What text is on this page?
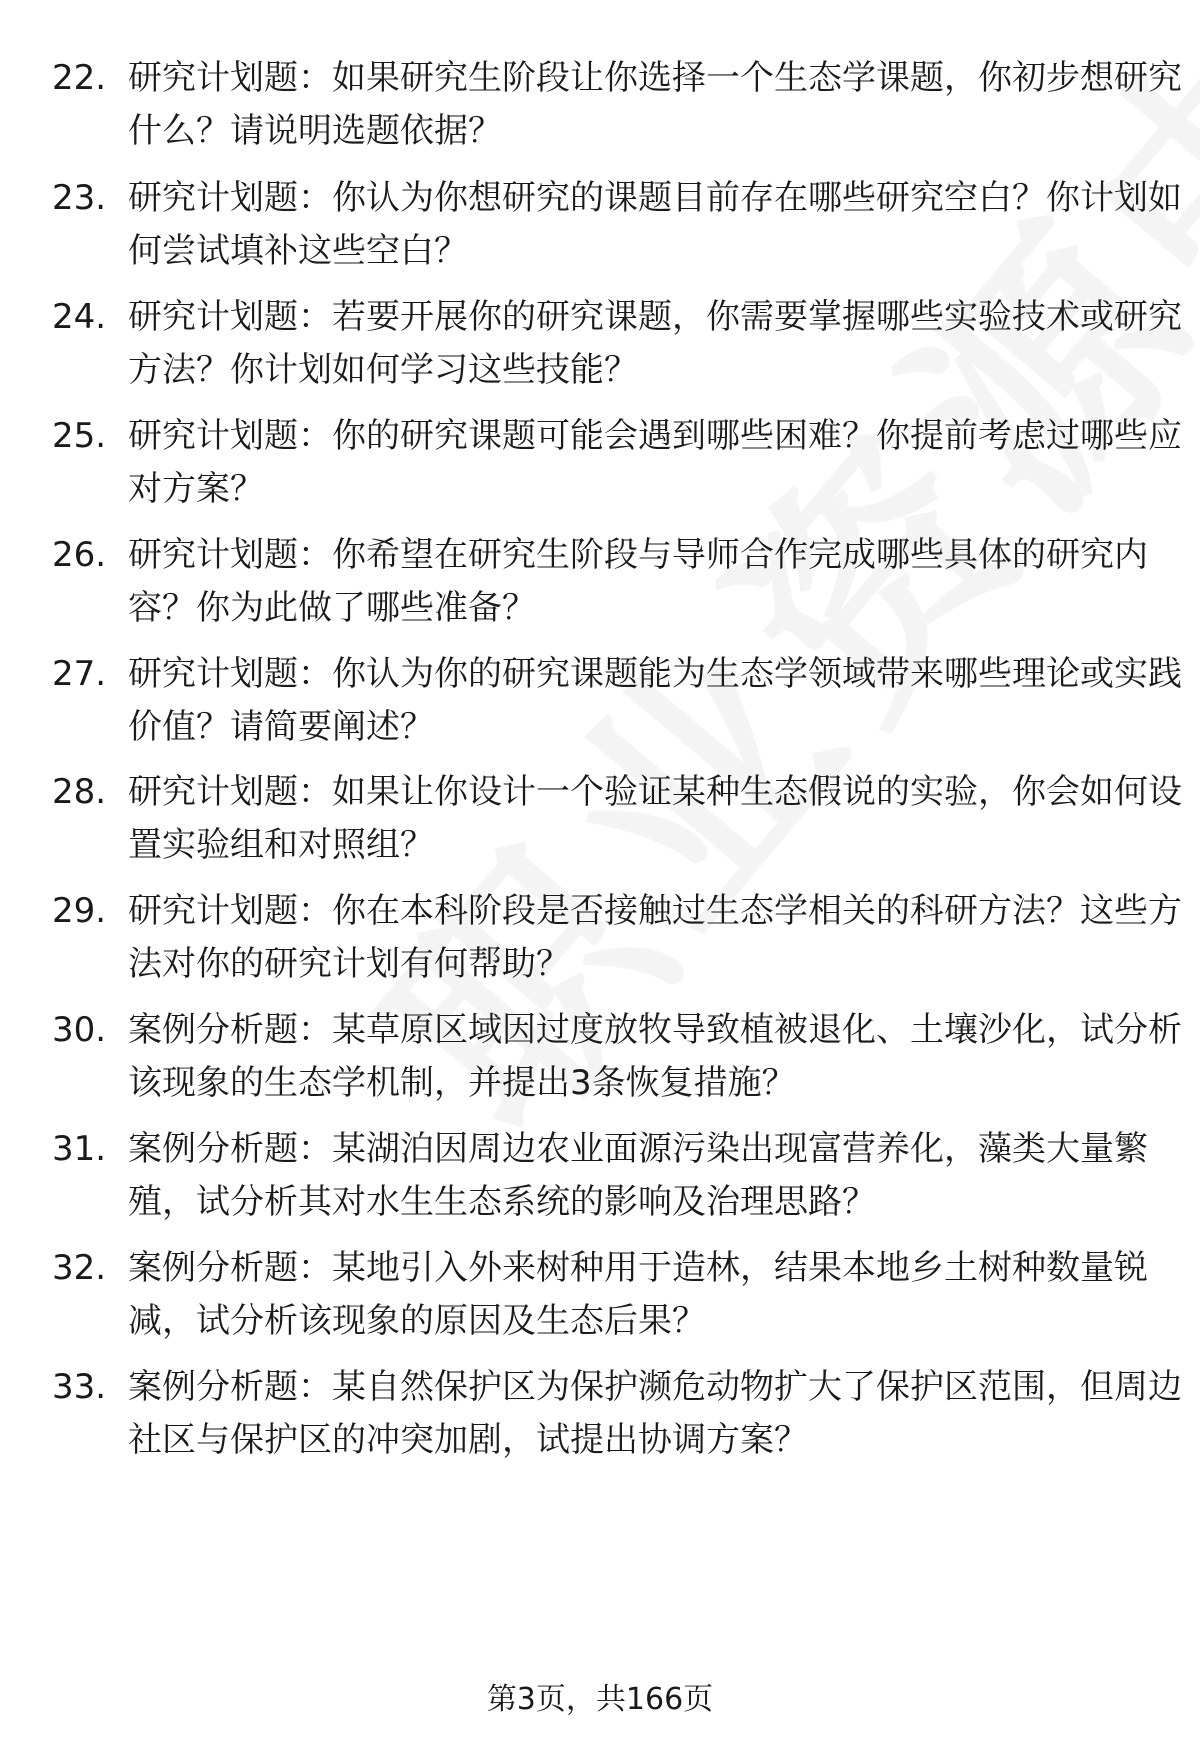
22. 研究计划题：如果研究生阶段让你选择一个生态学课题，你初步想研究什么？请说明选题依据？
23. 研究计划题：你认为你想研究的课题目前存在哪些研究空白？你计划如何尝试填补这些空白？
24. 研究计划题：若要开展你的研究课题，你需要掌握哪些实验技术或研究方法？你计划如何学习这些技能？
25. 研究计划题：你的研究课题可能会遇到哪些困难？你提前考虑过哪些应对方案？
26. 研究计划题：你希望在研究生阶段与导师合作完成哪些具体的研究内容？你为此做了哪些准备？
27. 研究计划题：你认为你的研究课题能为生态学领域带来哪些理论或实践价值？请简要阐述？
28. 研究计划题：如果让你设计一个验证某种生态假说的实验，你会如何设置实验组和对照组？
29. 研究计划题：你在本科阶段是否接触过生态学相关的科研方法？这些方法对你的研究计划有何帮助？
30. 案例分析题：某草原区域因过度放牧导致植被退化、土壤沙化，试分析该现象的生态学机制，并提出3条恢复措施？
31. 案例分析题：某湖泊因周边农业面源污染出现富营养化，藻类大量繁殖，试分析其对水生生态系统的影响及治理思路？
32. 案例分析题：某地引入外来树种用于造林，结果本地乡土树种数量锐减，试分析该现象的原因及生态后果？
33. 案例分析题：某自然保护区为保护濒危动物扩大了保护区范围，但周边社区与保护区的冲突加剧，试提出协调方案？
第3页，共166页
